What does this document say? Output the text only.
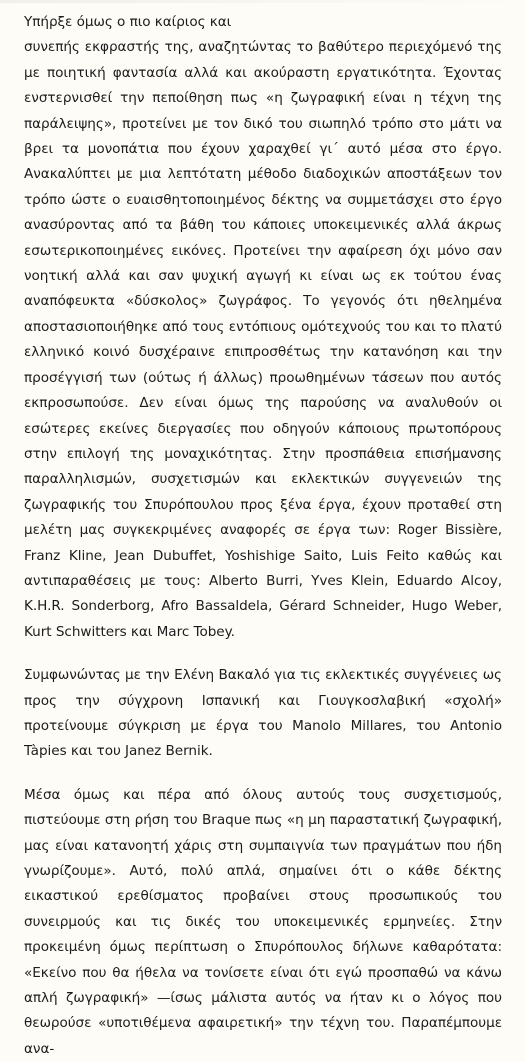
Υπήρξε όμως ο πιο καίριος και
συνεπής εκφραστής της, αναζητώντας το βαθύτερο περιεχόμενό της με ποιητική φαντασία αλλά και ακούραστη εργατικότητα. Έχοντας ενστερνισθεί την πεποίθηση πως «η ζωγραφική είναι η τέχνη της παράλειψης», προτείνει με τον δικό του σιωπηλό τρόπο στο μάτι να βρει τα μονοπάτια που έχουν χαραχθεί γι΄ αυτό μέσα στο έργο. Ανακαλύπτει με μια λεπτότατη μέθοδο διαδοχικών αποστάξεων τον τρόπο ώστε ο ευαισθητοποιημένος δέκτης να συμμετάσχει στο έργο ανασύροντας από τα βάθη του κάποιες υποκειμενικές αλλά άκρως εσωτερικοποιημένες εικόνες. Προτείνει την αφαίρεση όχι μόνο σαν νοητική αλλά και σαν ψυχική αγωγή κι είναι ως εκ τούτου ένας αναπόφευκτα «δύσκολος» ζωγράφος. Το γεγονός ότι ηθελημένα αποστασιοποιήθηκε από τους εντόπιους ομότεχνούς του και το πλατύ ελληνικό κοινό δυσχέραινε επιπροσθέτως την κατανόηση και την προσέγγισή των (ούτως ή άλλως) προωθημένων τάσεων που αυτός εκπροσωπούσε. Δεν είναι όμως της παρούσης να αναλυθούν οι εσώτερες εκείνες διεργασίες που οδηγούν κάποιους πρωτοπόρους στην επιλογή της μοναχικότητας. Στην προσπάθεια επισήμανσης παραλληλισμών, συσχετισμών και εκλεκτικών συγγενειών της ζωγραφικής του Σπυρόπουλου προς ξένα έργα, έχουν προταθεί στη μελέτη μας συγκεκριμένες αναφορές σε έργα των: Roger Bissière, Franz Kline, Jean Dubuffet, Yoshishige Saito, Luis Feito καθώς και αντιπαραθέσεις με τους: Alberto Burri, Yves Klein, Eduardo Alcoy, K.H.R. Sonderborg, Afro Bassaldela, Gérard Schneider, Hugo Weber, Kurt Schwitters και Marc Tobey.

Συμφωνώντας με την Ελένη Βακαλό για τις εκλεκτικές συγγένειες ως προς την σύγχρονη Ισπανική και Γιουγκοσλαβική «σχολή» προτείνουμε σύγκριση με έργα του Manolo Millares, του Antonio Tàpies και του Janez Bernik.

Μέσα όμως και πέρα από όλους αυτούς τους συσχετισμούς, πιστεύουμε στη ρήση του Braque πως «η μη παραστατική ζωγραφική, μας είναι κατανοητή χάρις στη συμπαιγνία των πραγμάτων που ήδη γνωρίζουμε». Αυτό, πολύ απλά, σημαίνει ότι ο κάθε δέκτης εικαστικού ερεθίσματος προβαίνει στους προσωπικούς του συνειρμούς και τις δικές του υποκειμενικές ερμηνείες. Στην προκειμένη όμως περίπτωση ο Σπυρόπουλος δήλωνε καθαρότατα: «Εκείνο που θα ήθελα να τονίσετε είναι ότι εγώ προσπαθώ να κάνω απλή ζωγραφική» —ίσως μάλιστα αυτός να ήταν κι ο λόγος που θεωρούσε «υποτιθέμενα αφαιρετική» την τέχνη του. Παραπέμπουμε ανα-
